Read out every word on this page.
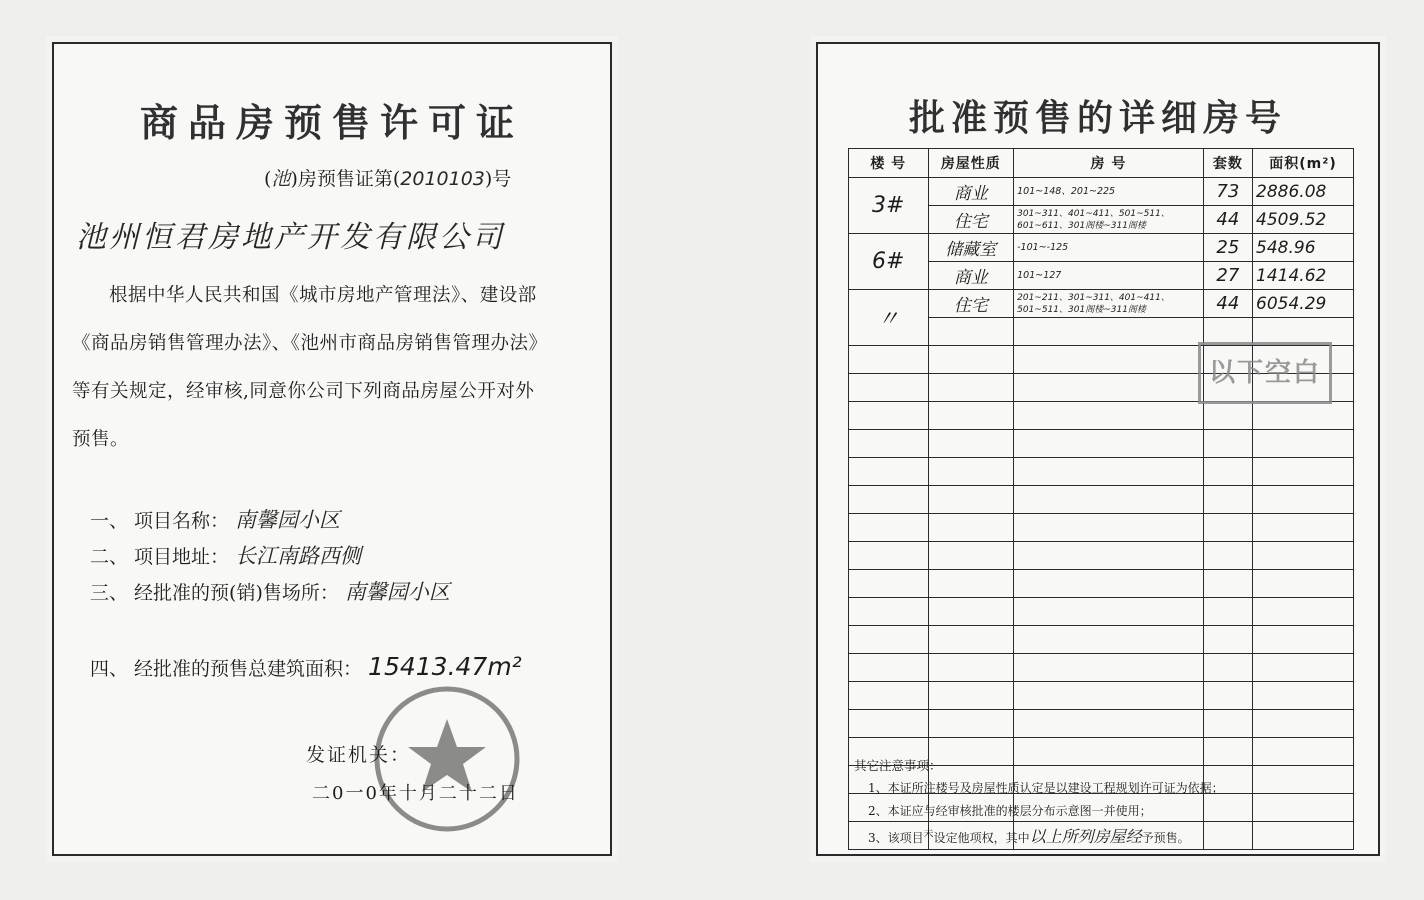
商品房预售许可证
(池)房预售证第(2010103)号
池州恒君房地产开发有限公司

根据中华人民共和国《城市房地产管理法》、建设部

《商品房销售管理办法》、《池州市商品房销售管理办法》

等有关规定，经审核,同意你公司下列商品房屋公开对外

预售。

一、 项目名称： 南馨园小区
二、 项目地址： 长江南路西侧
三、 经批准的预(销)售场所： 南馨园小区
四、 经批准的预售总建筑面积： 15413.47m²
发证机关：
二0一0年十月二十二日
批准预售的详细房号
楼 号	房屋性质	房 号	套数	面积(m²)
3#	商业	101~148、201~225	73	2886.08
	住宅	301~311、401~411、501~511、601~611、301阁楼~311阁楼	44	4509.52
6#	储藏室	-101~-125	25	548.96
	商业	101~127	27	1414.62
〃	住宅	201~211、301~311、401~411、501~511、301阁楼~311阁楼	44	6054.29

以下空白
其它注意事项：
1、本证所注楼号及房屋性质认定是以建设工程规划许可证为依据；
2、本证应与经审核批准的楼层分布示意图一并使用；
3、该项目$^未$设定他项权，其中以上所列房屋经予预售。
